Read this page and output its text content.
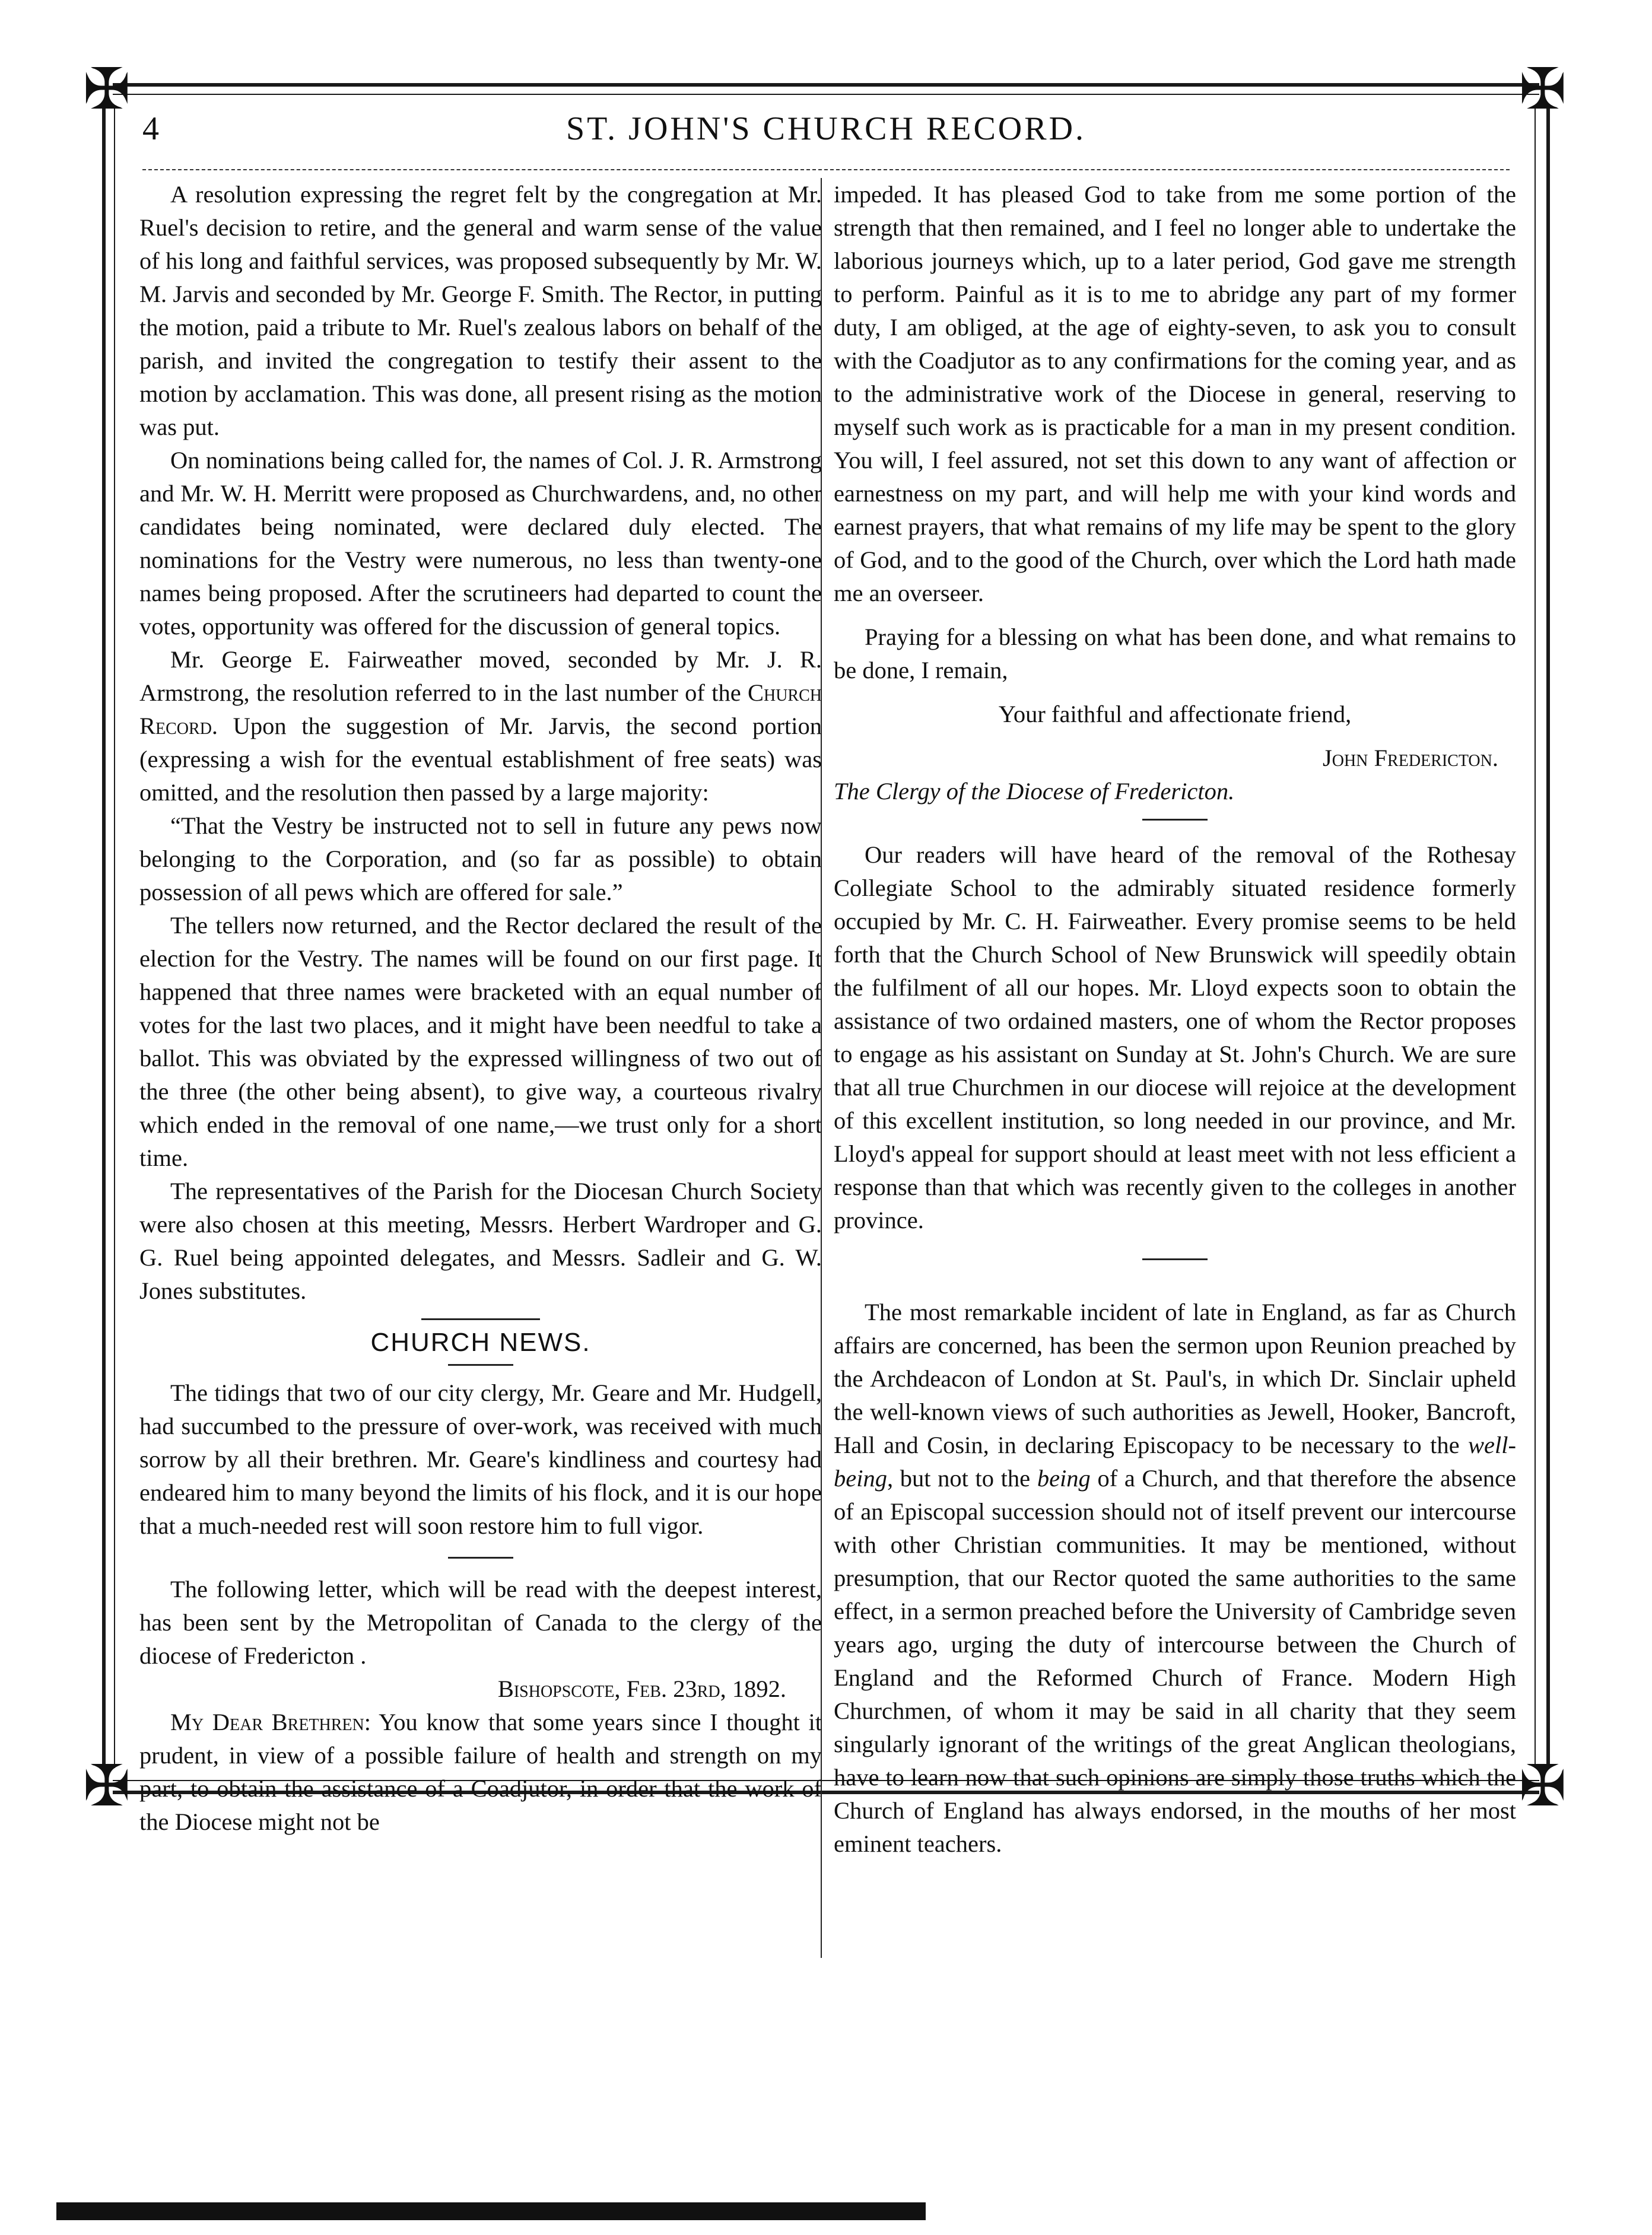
✠	✠
✠	✠
4	ST. JOHN'S CHURCH RECORD.

A resolution expressing the regret felt by the congregation at Mr. Ruel's decision to retire, and the general and warm sense of the value of his long and faithful services, was proposed subsequently by Mr. W. M. Jarvis and seconded by Mr. George F. Smith. The Rector, in putting the motion, paid a tribute to Mr. Ruel's zealous labors on behalf of the parish, and invited the congregation to testify their assent to the motion by acclamation. This was done, all present rising as the motion was put.

On nominations being called for, the names of Col. J. R. Armstrong and Mr. W. H. Merritt were proposed as Churchwardens, and, no other candidates being nominated, were declared duly elected. The nominations for the Vestry were numerous, no less than twenty-one names being proposed. After the scrutineers had departed to count the votes, opportunity was offered for the discussion of general topics.

Mr. George E. Fairweather moved, seconded by Mr. J. R. Armstrong, the resolution referred to in the last number of the Church Record. Upon the suggestion of Mr. Jarvis, the second portion (expressing a wish for the eventual establishment of free seats) was omitted, and the resolution then passed by a large majority:

“That the Vestry be instructed not to sell in future any pews now belonging to the Corporation, and (so far as possible) to obtain possession of all pews which are offered for sale.”

The tellers now returned, and the Rector declared the result of the election for the Vestry. The names will be found on our first page. It happened that three names were bracketed with an equal number of votes for the last two places, and it might have been needful to take a ballot. This was obviated by the expressed willingness of two out of the three (the other being absent), to give way, a courteous rivalry which ended in the removal of one name,—we trust only for a short time.

The representatives of the Parish for the Diocesan Church Society were also chosen at this meeting, Messrs. Herbert Wardroper and G. G. Ruel being appointed delegates, and Messrs. Sadleir and G. W. Jones substitutes.

CHURCH NEWS.

The tidings that two of our city clergy, Mr. Geare and Mr. Hudgell, had succumbed to the pressure of over-work, was received with much sorrow by all their brethren. Mr. Geare's kindliness and courtesy had endeared him to many beyond the limits of his flock, and it is our hope that a much-needed rest will soon restore him to full vigor.

The following letter, which will be read with the deepest interest, has been sent by the Metropolitan of Canada to the clergy of the diocese of Fredericton .

Bishopscote, Feb. 23rd, 1892.

My Dear Brethren: You know that some years since I thought it prudent, in view of a possible failure of health and strength on my part, to obtain the assistance of a Coadjutor, in order that the work of the Diocese might not be

impeded. It has pleased God to take from me some portion of the strength that then remained, and I feel no longer able to undertake the laborious journeys which, up to a later period, God gave me strength to perform. Painful as it is to me to abridge any part of my former duty, I am obliged, at the age of eighty-seven, to ask you to consult with the Coadjutor as to any confirmations for the coming year, and as to the administrative work of the Diocese in general, reserving to myself such work as is practicable for a man in my present condition. You will, I feel assured, not set this down to any want of affection or earnestness on my part, and will help me with your kind words and earnest prayers, that what remains of my life may be spent to the glory of God, and to the good of the Church, over which the Lord hath made me an overseer.

Praying for a blessing on what has been done, and what remains to be done, I remain,

Your faithful and affectionate friend,

John Fredericton.

The Clergy of the Diocese of Fredericton.

Our readers will have heard of the removal of the Rothesay Collegiate School to the admirably situated residence formerly occupied by Mr. C. H. Fairweather. Every promise seems to be held forth that the Church School of New Brunswick will speedily obtain the fulfilment of all our hopes. Mr. Lloyd expects soon to obtain the assistance of two ordained masters, one of whom the Rector proposes to engage as his assistant on Sunday at St. John's Church. We are sure that all true Churchmen in our diocese will rejoice at the development of this excellent institution, so long needed in our province, and Mr. Lloyd's appeal for support should at least meet with not less efficient a response than that which was recently given to the colleges in another province.

The most remarkable incident of late in England, as far as Church affairs are concerned, has been the sermon upon Reunion preached by the Archdeacon of London at St. Paul's, in which Dr. Sinclair upheld the well-known views of such authorities as Jewell, Hooker, Bancroft, Hall and Cosin, in declaring Episcopacy to be necessary to the well-being, but not to the being of a Church, and that therefore the absence of an Episcopal succession should not of itself prevent our intercourse with other Christian communities. It may be mentioned, without presumption, that our Rector quoted the same authorities to the same effect, in a sermon preached before the University of Cambridge seven years ago, urging the duty of intercourse between the Church of England and the Reformed Church of France. Modern High Churchmen, of whom it may be said in all charity that they seem singularly ignorant of the writings of the great Anglican theologians, have to learn now that such opinions are simply those truths which the Church of England has always endorsed, in the mouths of her most eminent teachers.
